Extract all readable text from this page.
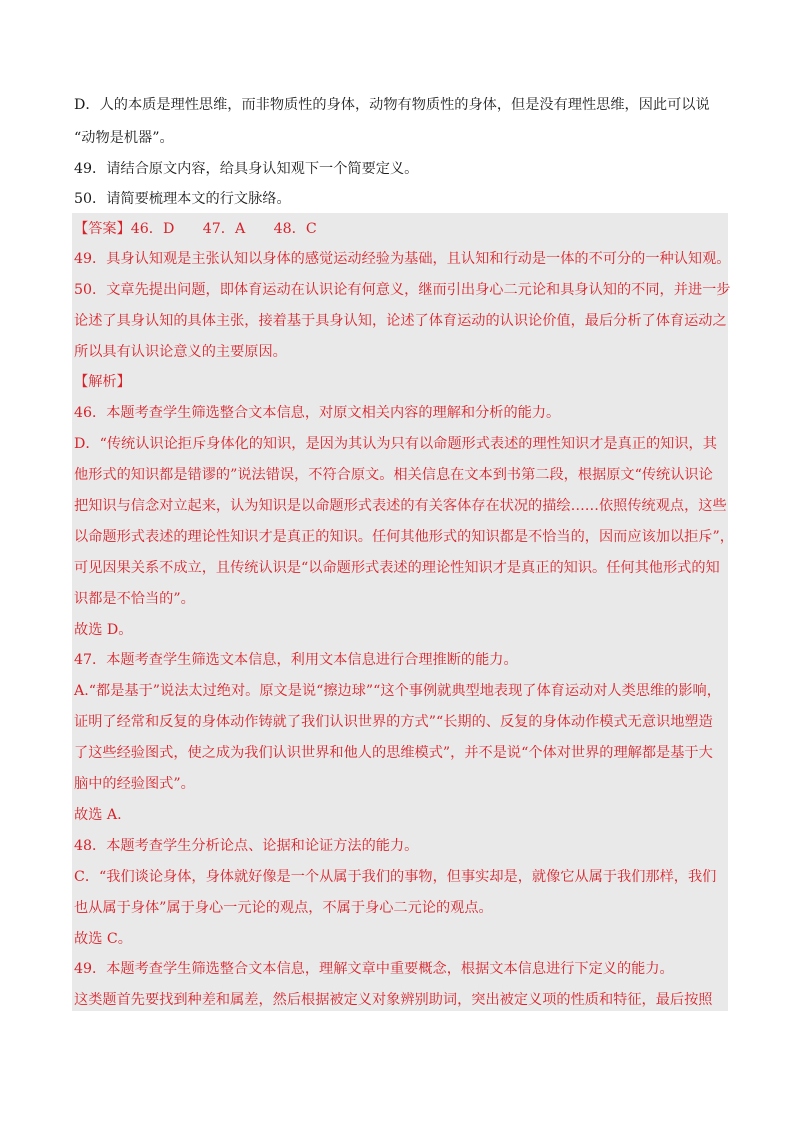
D．人的本质是理性思维，而非物质性的身体，动物有物质性的身体，但是没有理性思维，因此可以说
“动物是机器”。
49．请结合原文内容，给具身认知观下一个简要定义。
50．请简要梳理本文的行文脉络。
【答案】46．D　　47．A　　48．C
49．具身认知观是主张认知以身体的感觉运动经验为基础，且认知和行动是一体的不可分的一种认知观。
50．文章先提出问题，即体育运动在认识论有何意义，继而引出身心二元论和具身认知的不同，并进一步
论述了具身认知的具体主张，接着基于具身认知，论述了体育运动的认识论价值，最后分析了体育运动之
所以具有认识论意义的主要原因。
【解析】
46．本题考查学生筛选整合文本信息，对原文相关内容的理解和分析的能力。
D．“传统认识论拒斥身体化的知识，是因为其认为只有以命题形式表述的理性知识才是真正的知识，其
他形式的知识都是错谬的”说法错误，不符合原文。相关信息在文本到书第二段，根据原文“传统认识论
把知识与信念对立起来，认为知识是以命题形式表述的有关客体存在状况的描绘……依照传统观点，这些
以命题形式表述的理论性知识才是真正的知识。任何其他形式的知识都是不恰当的，因而应该加以拒斥”，
可见因果关系不成立，且传统认识是“以命题形式表述的理论性知识才是真正的知识。任何其他形式的知
识都是不恰当的”。
故选 D。
47．本题考查学生筛选文本信息，利用文本信息进行合理推断的能力。
A.“都是基于”说法太过绝对。原文是说“擦边球”“这个事例就典型地表现了体育运动对人类思维的影响，
证明了经常和反复的身体动作铸就了我们认识世界的方式”“长期的、反复的身体动作模式无意识地塑造
了这些经验图式，使之成为我们认识世界和他人的思维模式”，并不是说“个体对世界的理解都是基于大
脑中的经验图式”。
故选 A.
48．本题考查学生分析论点、论据和论证方法的能力。
C．“我们谈论身体，身体就好像是一个从属于我们的事物，但事实却是，就像它从属于我们那样，我们
也从属于身体”属于身心一元论的观点，不属于身心二元论的观点。
故选 C。
49．本题考查学生筛选整合文本信息，理解文章中重要概念，根据文本信息进行下定义的能力。
这类题首先要找到种差和属差，然后根据被定义对象辨别助词，突出被定义项的性质和特征，最后按照
